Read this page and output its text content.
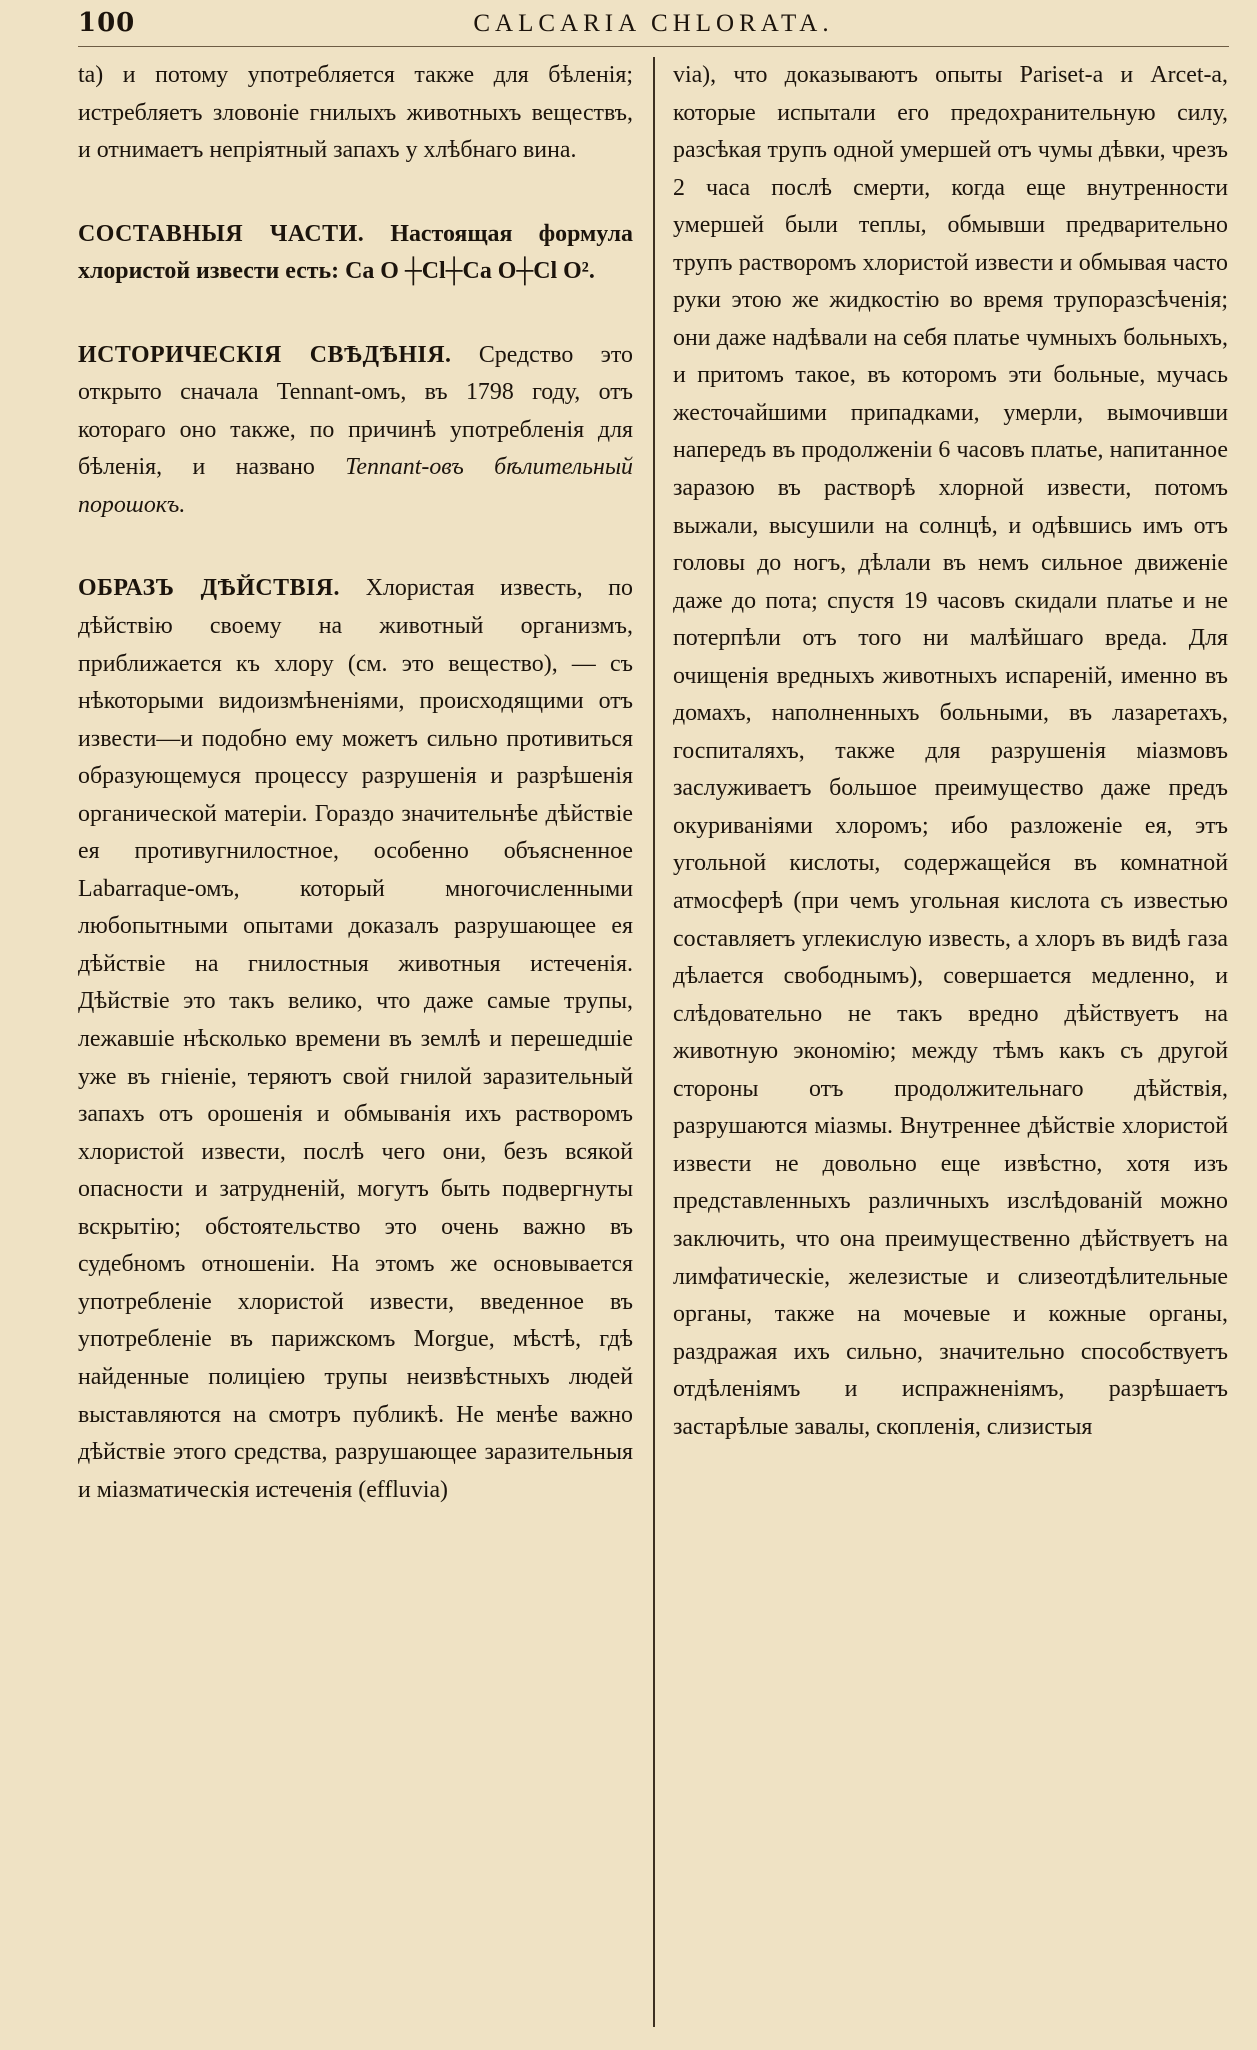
100	CALCARIA CHLORATA.

ta) и потому употребляется также для бѣленія; истребляетъ зловоніе гнилыхъ животныхъ веществъ, и отнимаетъ непріятный запахъ у хлѣбнаго вина.

СОСТАВНЫЯ ЧАСТИ. Настоящая формула хлористой извести есть: Ca O ┼Cl┼Ca O┼Cl O².

ИСТОРИЧЕСКІЯ СВѢДѢНІЯ. Средство это открыто сначала Tennant-омъ, въ 1798 году, отъ котораго оно также, по причинѣ употребленія для бѣленія, и названо Tennant-овъ бѣлительный порошокъ.

ОБРАЗЪ ДѢЙСТВІЯ. Хлористая известь, по дѣйствію своему на животный организмъ, приближается къ хлору (см. это вещество), — съ нѣкоторыми видоизмѣненіями, происходящими отъ извести—и подобно ему можетъ сильно противиться образующемуся процессу разрушенія и разрѣшенія органической матеріи. Гораздо значительнѣе дѣйствіе ея противугнилостное, особенно объясненное Labarraque-омъ, который многочисленными любопытными опытами доказалъ разрушающее ея дѣйствіе на гнилостныя животныя истеченія. Дѣйствіе это такъ велико, что даже самые трупы, лежавшіе нѣсколько времени въ землѣ и перешедшіе уже въ гніеніе, теряютъ свой гнилой заразительный запахъ отъ орошенія и обмыванія ихъ растворомъ хлористой извести, послѣ чего они, безъ всякой опасности и затрудненій, могутъ быть подвергнуты вскрытію; обстоятельство это очень важно въ судебномъ отношеніи. На этомъ же основывается употребленіе хлористой извести, введенное въ употребленіе въ парижскомъ Morgue, мѣстѣ, гдѣ найденные полиціею трупы неизвѣстныхъ людей выставляются на смотръ публикѣ. Не менѣе важно дѣйствіе этого средства, разрушающее заразительныя и міазматическія истеченія (effluvia)

via), что доказываютъ опыты Pariset-a и Arcet-a, которые испытали его предохранительную силу, разсѣкая трупъ одной умершей отъ чумы дѣвки, чрезъ 2 часа послѣ смерти, когда еще внутренности умершей были теплы, обмывши предварительно трупъ растворомъ хлористой извести и обмывая часто руки этою же жидкостію во время трупоразсѣченія; они даже надѣвали на себя платье чумныхъ больныхъ, и притомъ такое, въ которомъ эти больные, мучась жесточайшими припадками, умерли, вымочивши напередъ въ продолженіи 6 часовъ платье, напитанное заразою въ растворѣ хлорной извести, потомъ выжали, высушили на солнцѣ, и одѣвшись имъ отъ головы до ногъ, дѣлали въ немъ сильное движеніе даже до пота; спустя 19 часовъ скидали платье и не потерпѣли отъ того ни малѣйшаго вреда. Для очищенія вредныхъ животныхъ испареній, именно въ домахъ, наполненныхъ больными, въ лазаретахъ, госпиталяхъ, также для разрушенія міазмовъ заслуживаетъ большое преимущество даже предъ окуриваніями хлоромъ; ибо разложеніе ея, этъ угольной кислоты, содержащейся въ комнатной атмосферѣ (при чемъ угольная кислота съ известью составляетъ углекислую известь, а хлоръ въ видѣ газа дѣлается свободнымъ), совершается медленно, и слѣдовательно не такъ вредно дѣйствуетъ на животную экономію; между тѣмъ какъ съ другой стороны отъ продолжительнаго дѣйствія, разрушаются міазмы. Внутреннее дѣйствіе хлористой извести не довольно еще извѣстно, хотя изъ представленныхъ различныхъ изслѣдованій можно заключить, что она преимущественно дѣйствуетъ на лимфатическіе, железистые и слизеотдѣлительные органы, также на мочевые и кожные органы, раздражая ихъ сильно, значительно способствуетъ отдѣленіямъ и испражненіямъ, разрѣшаетъ застарѣлые завалы, скопленія, слизистыя
